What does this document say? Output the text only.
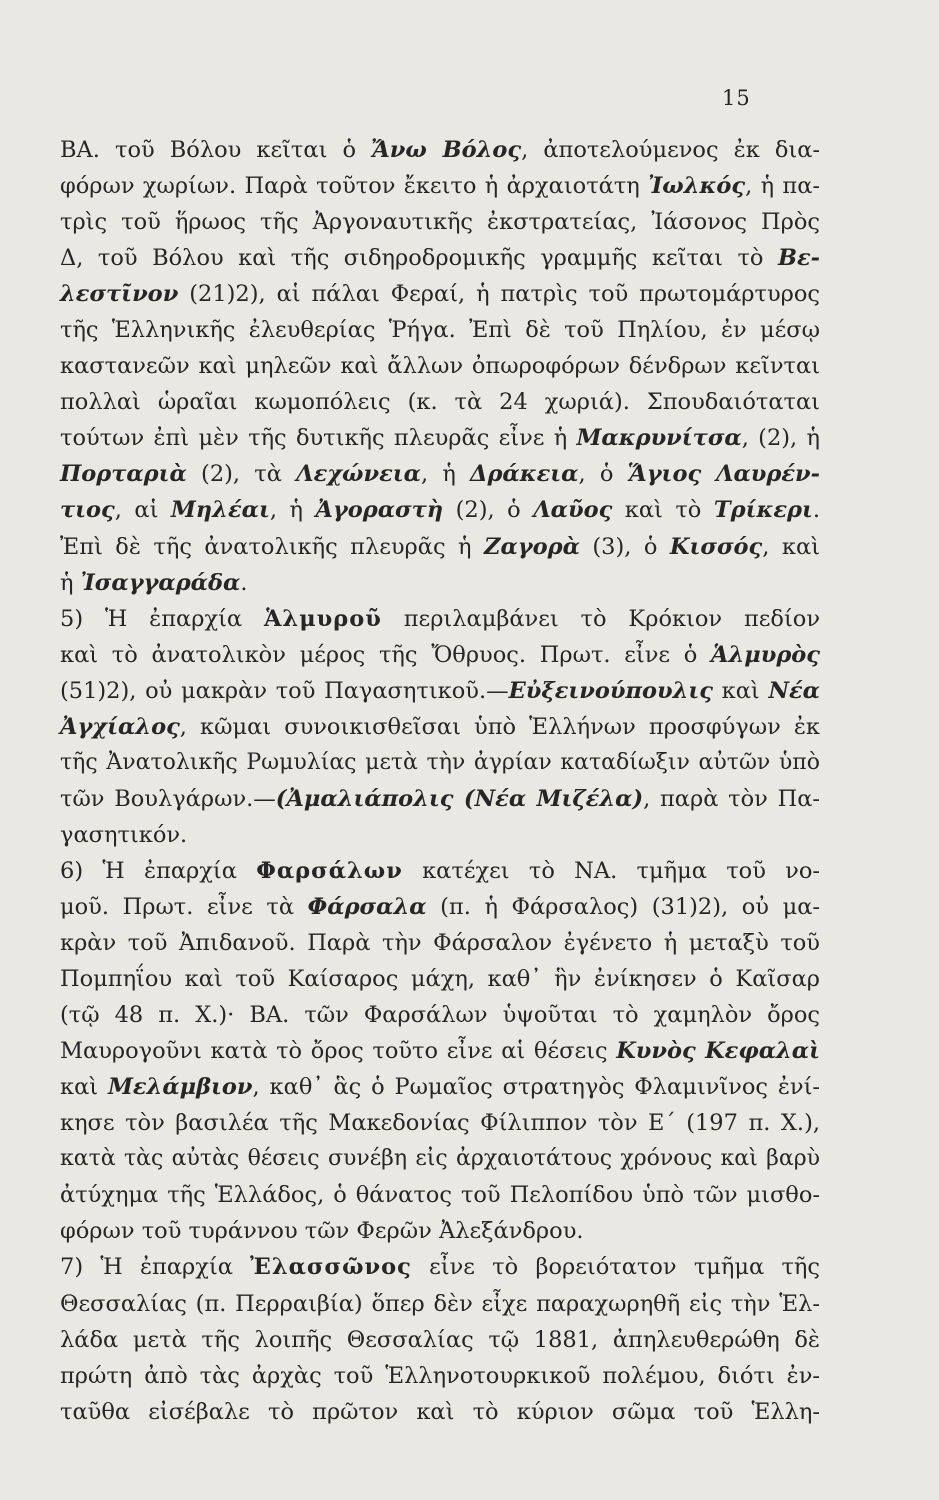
15
ΒΑ. τοῦ Βόλου κεῖται ὁ Ἄνω Βόλος, ἀποτελούμενος ἐκ δια-
φόρων χωρίων. Παρὰ τοῦτον ἔκειτο ἡ ἀρχαιοτάτη Ἰωλκός, ἡ πα-
τρὶς τοῦ ἥρωος τῆς Ἀργοναυτικῆς ἐκστρατείας, Ἰάσονος Πρὸς
Δ, τοῦ Βόλου καὶ τῆς σιδηροδρομικῆς γραμμῆς κεῖται τὸ Βε-
λεστῖνον (21)2), αἱ πάλαι Φεραί, ἡ πατρὶς τοῦ πρωτομάρτυρος
τῆς Ἑλληνικῆς ἐλευθερίας Ῥήγα. Ἐπὶ δὲ τοῦ Πηλίου, ἐν μέσῳ
καστανεῶν καὶ μηλεῶν καὶ ἄλλων ὀπωροφόρων δένδρων κεῖνται
πολλαὶ ὡραῖαι κωμοπόλεις (κ. τὰ 24 χωριά). Σπουδαιόταται
τούτων ἐπὶ μὲν τῆς δυτικῆς πλευρᾶς εἶνε ἡ Μακρυνίτσα, (2), ἡ
Πορταριὰ (2), τὰ Λεχώνεια, ἡ Δράκεια, ὁ Ἅγιος Λαυρέν-
τιος, αἱ Μηλέαι, ἡ Ἀγοραστὴ (2), ὁ Λαῦος καὶ τὸ Τρίκερι.
Ἐπὶ δὲ τῆς ἀνατολικῆς πλευρᾶς ἡ Ζαγορὰ (3), ὁ Κισσός, καὶ
ἡ Ἰσαγγαράδα.
5) Ἡ ἐπαρχία Ἁλμυροῦ περιλαμβάνει τὸ Κρόκιον πεδίον
καὶ τὸ ἀνατολικὸν μέρος τῆς Ὄθρυος. Πρωτ. εἶνε ὁ Ἁλμυρὸς
(51)2), οὐ μακρὰν τοῦ Παγασητικοῦ.—Εὐξεινούπουλις καὶ Νέα
Ἀγχίαλος, κῶμαι συνοικισθεῖσαι ὑπὸ Ἑλλήνων προσφύγων ἐκ
τῆς Ἀνατολικῆς Ρωμυλίας μετὰ τὴν ἀγρίαν καταδίωξιν αὐτῶν ὑπὸ
τῶν Βουλγάρων.—(Ἀμαλιάπολις (Νέα Μιζέλα), παρὰ τὸν Πα-
γασητικόν.
6) Ἡ ἐπαρχία Φαρσάλων κατέχει τὸ ΝΑ. τμῆμα τοῦ νο-
μοῦ. Πρωτ. εἶνε τὰ Φάρσαλα (π. ἡ Φάρσαλος) (31)2), οὐ μα-
κρὰν τοῦ Ἀπιδανοῦ. Παρὰ τὴν Φάρσαλον ἐγένετο ἡ μεταξὺ τοῦ
Πομπηΐου καὶ τοῦ Καίσαρος μάχη, καθ᾽ ἣν ἐνίκησεν ὁ Καῖσαρ
(τῷ 48 π. Χ.)· ΒΑ. τῶν Φαρσάλων ὑψοῦται τὸ χαμηλὸν ὄρος
Μαυρογοῦνι κατὰ τὸ ὄρος τοῦτο εἶνε αἱ θέσεις Κυνὸς Κεφαλαὶ
καὶ Μελάμβιον, καθ᾽ ἃς ὁ Ρωμαῖος στρατηγὸς Φλαμινῖνος ἐνί-
κησε τὸν βασιλέα τῆς Μακεδονίας Φίλιππον τὸν Ε΄ (197 π. Χ.),
κατὰ τὰς αὐτὰς θέσεις συνέβη εἰς ἀρχαιοτάτους χρόνους καὶ βαρὺ
ἀτύχημα τῆς Ἑλλάδος, ὁ θάνατος τοῦ Πελοπίδου ὑπὸ τῶν μισθο-
φόρων τοῦ τυράννου τῶν Φερῶν Ἀλεξάνδρου.
7) Ἡ ἐπαρχία Ἐλασσῶνος εἶνε τὸ βορειότατον τμῆμα τῆς
Θεσσαλίας (π. Περραιβία) ὅπερ δὲν εἶχε παραχωρηθῆ εἰς τὴν Ἑλ-
λάδα μετὰ τῆς λοιπῆς Θεσσαλίας τῷ 1881, ἀπηλευθερώθη δὲ
πρώτη ἀπὸ τὰς ἀρχὰς τοῦ Ἑλληνοτουρκικοῦ πολέμου, διότι ἐν-
ταῦθα εἰσέβαλε τὸ πρῶτον καὶ τὸ κύριον σῶμα τοῦ Ἑλλη-
